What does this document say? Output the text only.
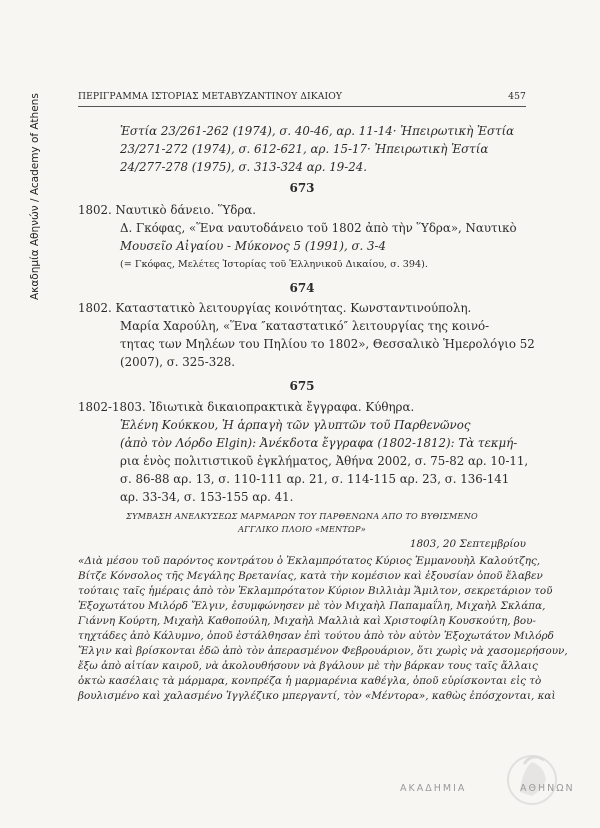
Ακαδημία Αθηνών / Academy of Athens	ΠΕΡΙΓΡΑΜΜΑ ΙΣΤΟΡΙΑΣ ΜΕΤΑΒΥΖΑΝΤΙΝΟΥ ΔΙΚΑΙΟΥ	457
Ἑστία 23/261-262 (1974), σ. 40-46, αρ. 11-14· Ἠπειρωτικὴ Ἑστία
23/271-272 (1974), σ. 612-621, αρ. 15-17· Ἠπειρωτικὴ Ἑστία
24/277-278 (1975), σ. 313-324 αρ. 19-24.
673
1802. Ναυτικὸ δάνειο. Ὕδρα.
Δ. Γκόφας, «Ἕνα ναυτοδάνειο τοῦ 1802 ἀπὸ τὴν Ὕδρα», Ναυτικὸ
Μουσεῖο Αἰγαίου - Μύκονος 5 (1991), σ. 3-4
(= Γκόφας, Μελέτες Ἱστορίας τοῦ Ἑλληνικοῦ Δικαίου, σ. 394).
674
1802. Καταστατικὸ λειτουργίας κοινότητας. Κωνσταντινούπολη.
Μαρία Χαρούλη, «Ἕνα ″καταστατικό″ λειτουργίας της κοινό-
τητας των Μηλέων του Πηλίου το 1802», Θεσσαλικὸ Ἡμερολόγιο 52
(2007), σ. 325-328.
675
1802-1803. Ἰδιωτικὰ δικαιοπρακτικὰ ἔγγραφα. Κύθηρα.
Ἑλένη Κούκκου, Ἡ ἁρπαγὴ τῶν γλυπτῶν τοῦ Παρθενῶνος
(ἀπὸ τὸν Λόρδο Elgin): Ἀνέκδοτα ἔγγραφα (1802-1812): Τὰ τεκμή-
ρια ἑνὸς πολιτιστικοῦ ἐγκλήματος, Ἀθήνα 2002, σ. 75-82 αρ. 10-11,
σ. 86-88 αρ. 13, σ. 110-111 αρ. 21, σ. 114-115 αρ. 23, σ. 136-141
αρ. 33-34, σ. 153-155 αρ. 41.
ΣΥΜΒΑΣΗ ΑΝΕΛΚΥΣΕΩΣ ΜΑΡΜΑΡΩΝ ΤΟΥ ΠΑΡΘΕΝΩΝΑ ΑΠΟ ΤΟ ΒΥΘΙΣΜΕΝΟ
ΑΓΓΛΙΚΟ ΠΛΟΙΟ «ΜΕΝΤΩΡ»
1803, 20 Σεπτεμβρίου
«Διὰ μέσου τοῦ παρόντος κοντράτου ὁ Ἐκλαμπρότατος Κύριος Ἐμμανουὴλ Καλούτζης,
Βίτζε Κόνσολος τῆς Μεγάλης Βρετανίας, κατὰ τὴν κομέσιον καὶ ἐξουσίαν ὁποῦ ἔλαβεν
τούταις ταῖς ἡμέραις ἀπὸ τὸν Ἐκλαμπρότατον Κύριον Βιλλιὰμ Ἅμιλτον, σεκρετάριον τοῦ
Ἐξοχωτάτου Μιλόρδ Ἔλγιν, ἐσυμφώνησεν μὲ τὸν Μιχαὴλ Παπαμαΐλη, Μιχαὴλ Σκλάπα,
Γιάννη Κούρτη, Μιχαὴλ Καθοπούλη, Μιχαὴλ Μαλλιὰ καὶ Χριστοφίλη Κουσκούτη, βου-
τηχτάδες ἀπὸ Κάλυμνο, ὁποῦ ἐστάλθησαν ἐπὶ τούτου ἀπὸ τὸν αὐτὸν Ἐξοχωτάτον Μιλόρδ
Ἔλγιν καὶ βρίσκονται ἐδῶ ἀπὸ τὸν ἀπερασμένον Φεβρουάριον, ὅτι χωρὶς νὰ χασομερήσουν,
ἔξω ἀπὸ αἰτίαν καιροῦ, νὰ ἀκολουθήσουν νὰ βγάλουν μὲ τὴν βάρκαν τους ταῖς ἄλλαις
ὀκτὼ κασέλαις τὰ μάρμαρα, κονπρέζα ἡ μαρμαρένια καθέγλα, ὁποῦ εὑρίσκονται εἰς τὸ
βουλισμένο καὶ χαλασμένο Ἰγγλέζικο μπεργαντί, τὸν «Μέντορα», καθὼς ἐπόσχονται, καὶ
ΑΚΑΔΗΜΙΑ	ΑΘΗΝΩΝ
